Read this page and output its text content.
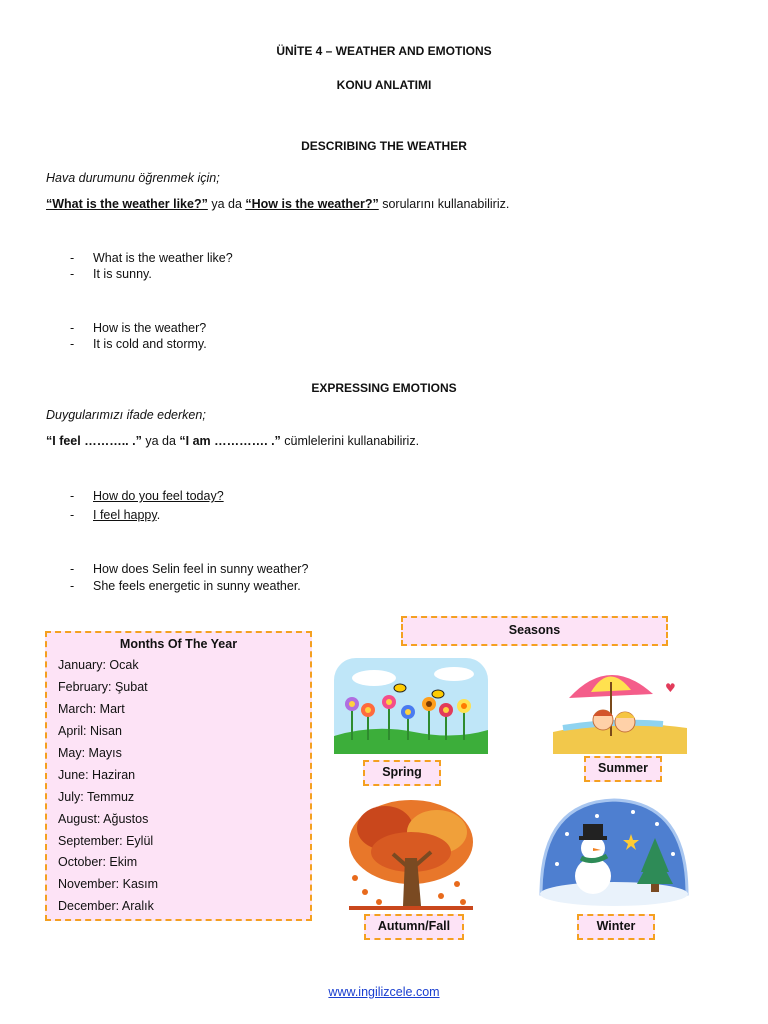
ÜNİTE 4 – WEATHER AND EMOTIONS
KONU ANLATIMI
DESCRIBING THE WEATHER
Hava durumunu öğrenmek için;
“What is the weather like?” ya da “How is the weather?” sorularını kullanabiliriz.
- What is the weather like?
- It is sunny.
- How is the weather?
- It is cold and stormy.
EXPRESSING EMOTIONS
Duygularımızı ifade ederken;
“I feel ……….. .” ya da “I am …………. .” cümlelerini kullanabiliriz.
- How do you feel today?
- I feel happy.
- How does Selin feel in sunny weather?
- She feels energetic in sunny weather.
Months Of The Year
January: Ocak
February: Şubat
March: Mart
April: Nisan
May: Mayıs
June: Haziran
July: Temmuz
August: Ağustos
September: Eylül
October: Ekim
November: Kasım
December: Aralık
Seasons
Spring
♥
Summer
Autumn/Fall	Winter
www.ingilizcele.com
